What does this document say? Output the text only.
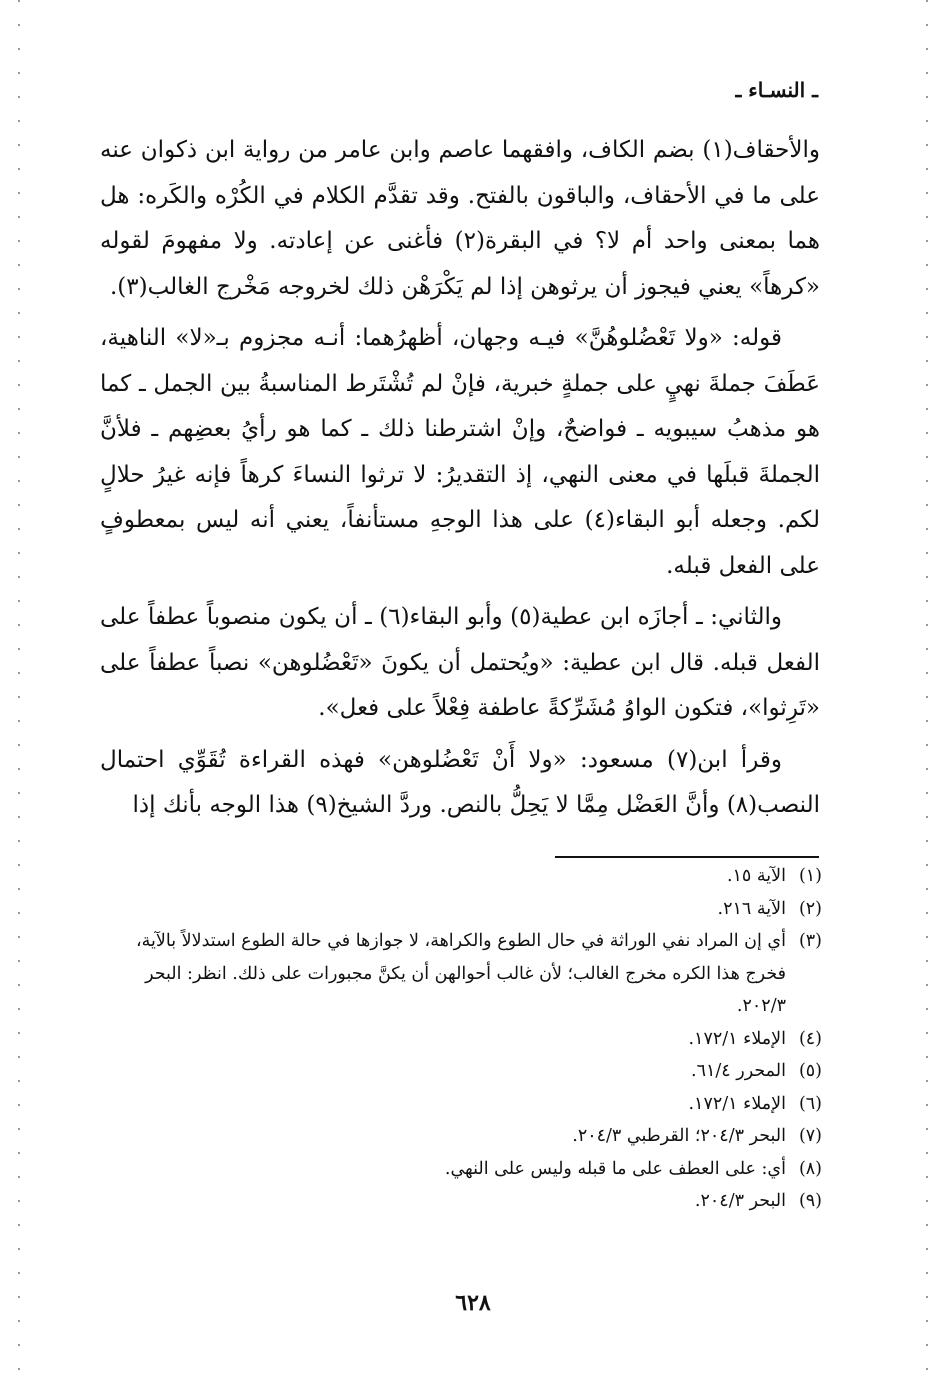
ـ النسـاء ـ

والأحقاف(١) بضم الكاف، وافقهما عاصم وابن عامر من رواية ابن ذكوان عنه على ما في الأحقاف، والباقون بالفتح. وقد تقدَّم الكلام في الكُرْه والكَره: هل هما بمعنى واحد أم لا؟ في البقرة(٢) فأغنى عن إعادته. ولا مفهومَ لقوله «كرهاً» يعني فيجوز أن يرثوهن إذا لم يَكْرَهْن ذلك لخروجه مَخْرج الغالب(٣).

قوله: «ولا تَعْضُلوهُنَّ» فيـه وجهان، أظهرُهما: أنـه مجزوم بـ«لا» الناهية، عَطَفَ جملةَ نهيٍ على جملةٍ خبرية، فإنْ لم تُشْتَرط المناسبةُ بين الجمل ـ كما هو مذهبُ سيبويه ـ فواضحٌ، وإنْ اشترطنا ذلك ـ كما هو رأيُ بعضِهم ـ فلأنَّ الجملةَ قبلَها في معنى النهي، إذ التقديرُ: لا ترثوا النساءَ كرهاً فإنه غيرُ حلالٍ لكم. وجعله أبو البقاء(٤) على هذا الوجهِ مستأنفاً، يعني أنه ليس بمعطوفٍ على الفعل قبله.

والثاني: ـ أجازَه ابن عطية(٥) وأبو البقاء(٦) ـ أن يكون منصوباً عطفاً على الفعل قبله. قال ابن عطية: «ويُحتمل أن يكونَ «تَعْضُلوهن» نصباً عطفاً على «تَرِثوا»، فتكون الواوُ مُشَرِّكةً عاطفة فِعْلاً على فعل».

وقرأ ابن(٧) مسعود: «ولا أَنْ تَعْضُلوهن» فهذه القراءة تُقَوِّي احتمال النصب(٨) وأنَّ العَضْل مِمَّا لا يَحِلُّ بالنص. وردَّ الشيخ(٩) هذا الوجه بأنك إذا

(١)
الآية ١٥.
(٢)
الآية ٢١٦.
(٣)
أي إن المراد نفي الوراثة في حال الطوع والكراهة، لا جوازها في حالة الطوع استدلالاً بالآية، فخرج هذا الكره مخرج الغالب؛ لأن غالب أحوالهن أن يكنَّ مجبورات على ذلك. انظر: البحر ٢٠٢/٣.
(٤)
الإملاء ١٧٢/١.
(٥)
المحرر ٦١/٤.
(٦)
الإملاء ١٧٢/١.
(٧)
البحر ٢٠٤/٣؛ القرطبي ٢٠٤/٣.
(٨)
أي: على العطف على ما قبله وليس على النهي.
(٩)
البحر ٢٠٤/٣.
٦٢٨
